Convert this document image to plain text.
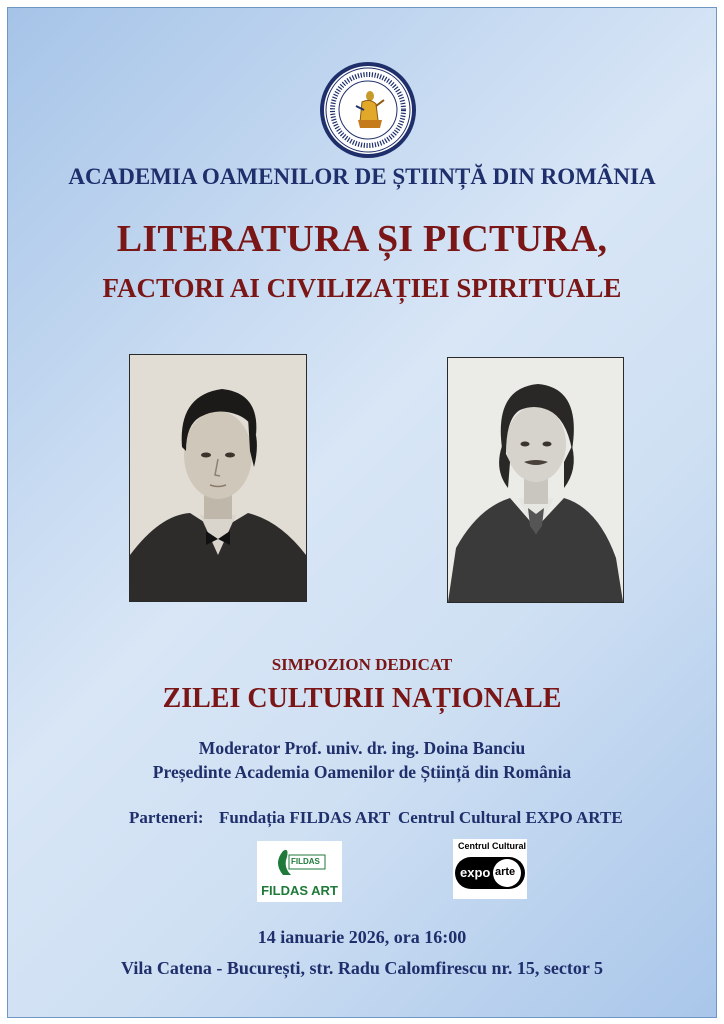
ACADEMIA OAMENILOR DE ȘTIINȚĂ DIN ROMÂNIA
LITERATURA ȘI PICTURA,
FACTORI AI CIVILIZAȚIEI SPIRITUALE
SIMPOZION DEDICAT
ZILEI CULTURII NAȚIONALE
Moderator Prof. univ. dr. ing. Doina Banciu
Președinte Academia Oamenilor de Știință din România
Parteneri: Fundația FILDAS ART Centrul Cultural EXPO ARTE
FILDAS
FILDAS ART
Centrul Cultural
expo arte
14 ianuarie 2026, ora 16:00
Vila Catena - București, str. Radu Calomfirescu nr. 15, sector 5
